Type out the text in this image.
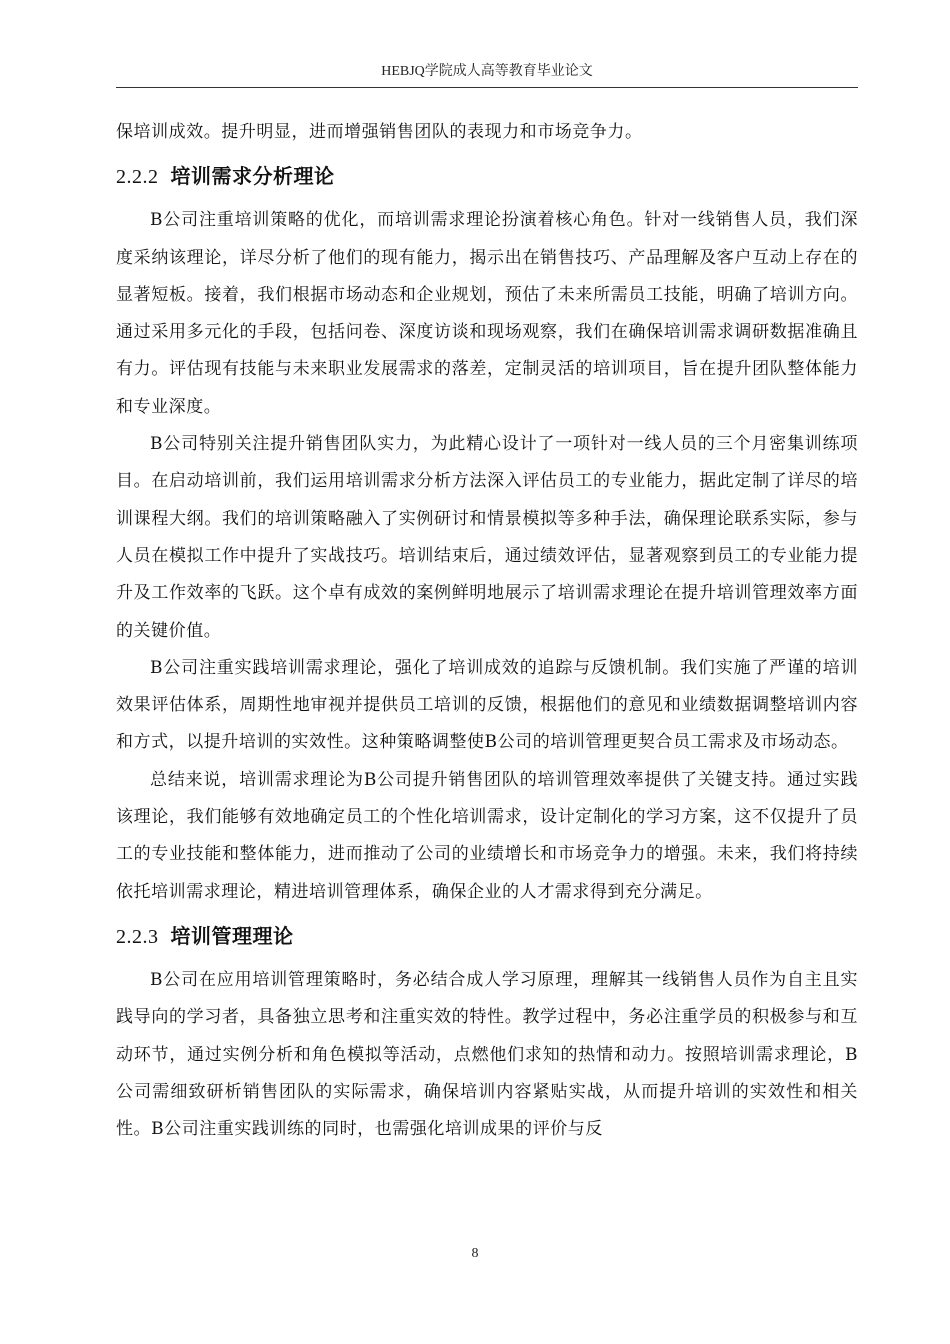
HEBJQ学院成人高等教育毕业论文

保培训成效。提升明显，进而增强销售团队的表现力和市场竞争力。

2.2.2 培训需求分析理论

B公司注重培训策略的优化，而培训需求理论扮演着核心角色。针对一线销售人员，我们深度采纳该理论，详尽分析了他们的现有能力，揭示出在销售技巧、产品理解及客户互动上存在的显著短板。接着，我们根据市场动态和企业规划，预估了未来所需员工技能，明确了培训方向。通过采用多元化的手段，包括问卷、深度访谈和现场观察，我们在确保培训需求调研数据准确且有力。评估现有技能与未来职业发展需求的落差，定制灵活的培训项目，旨在提升团队整体能力和专业深度。

B公司特别关注提升销售团队实力，为此精心设计了一项针对一线人员的三个月密集训练项目。在启动培训前，我们运用培训需求分析方法深入评估员工的专业能力，据此定制了详尽的培训课程大纲。我们的培训策略融入了实例研讨和情景模拟等多种手法，确保理论联系实际，参与人员在模拟工作中提升了实战技巧。培训结束后，通过绩效评估，显著观察到员工的专业能力提升及工作效率的飞跃。这个卓有成效的案例鲜明地展示了培训需求理论在提升培训管理效率方面的关键价值。

B公司注重实践培训需求理论，强化了培训成效的追踪与反馈机制。我们实施了严谨的培训效果评估体系，周期性地审视并提供员工培训的反馈，根据他们的意见和业绩数据调整培训内容和方式，以提升培训的实效性。这种策略调整使B公司的培训管理更契合员工需求及市场动态。

总结来说，培训需求理论为B公司提升销售团队的培训管理效率提供了关键支持。通过实践该理论，我们能够有效地确定员工的个性化培训需求，设计定制化的学习方案，这不仅提升了员工的专业技能和整体能力，进而推动了公司的业绩增长和市场竞争力的增强。未来，我们将持续依托培训需求理论，精进培训管理体系，确保企业的人才需求得到充分满足。

2.2.3 培训管理理论

B公司在应用培训管理策略时，务必结合成人学习原理，理解其一线销售人员作为自主且实践导向的学习者，具备独立思考和注重实效的特性。教学过程中，务必注重学员的积极参与和互动环节，通过实例分析和角色模拟等活动，点燃他们求知的热情和动力。按照培训需求理论，B公司需细致研析销售团队的实际需求，确保培训内容紧贴实战，从而提升培训的实效性和相关性。B公司注重实践训练的同时，也需强化培训成果的评价与反

8
